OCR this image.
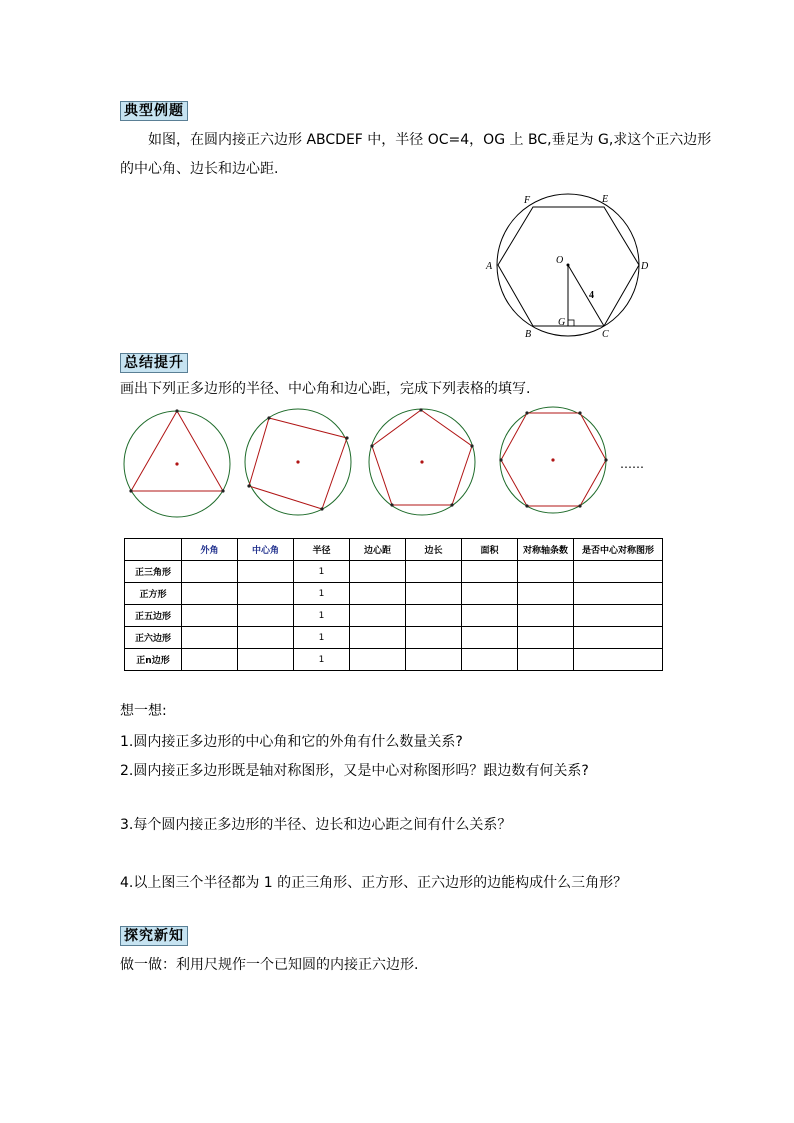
典型例题
如图，在圆内接正六边形 ABCDEF 中，半径 OC=4，OG 上 BC,垂足为 G,求这个正六边形
的中心角、边长和边心距.
F	E
A	D
B	C
O
G
4
总结提升
画出下列正多边形的半径、中心角和边心距，完成下列表格的填写.
……
	外角	中心角	半径	边心距	边长	面积	对称轴条数	是否中心对称图形
正三角形			1					
正方形			1					
正五边形			1					
正六边形			1					
正n边形			1					
想一想:
1.圆内接正多边形的中心角和它的外角有什么数量关系?
2.圆内接正多边形既是轴对称图形，又是中心对称图形吗？跟边数有何关系?
3.每个圆内接正多边形的半径、边长和边心距之间有什么关系？
4.以上图三个半径都为 1 的正三角形、正方形、正六边形的边能构成什么三角形？
探究新知
做一做：利用尺规作一个已知圆的内接正六边形.
